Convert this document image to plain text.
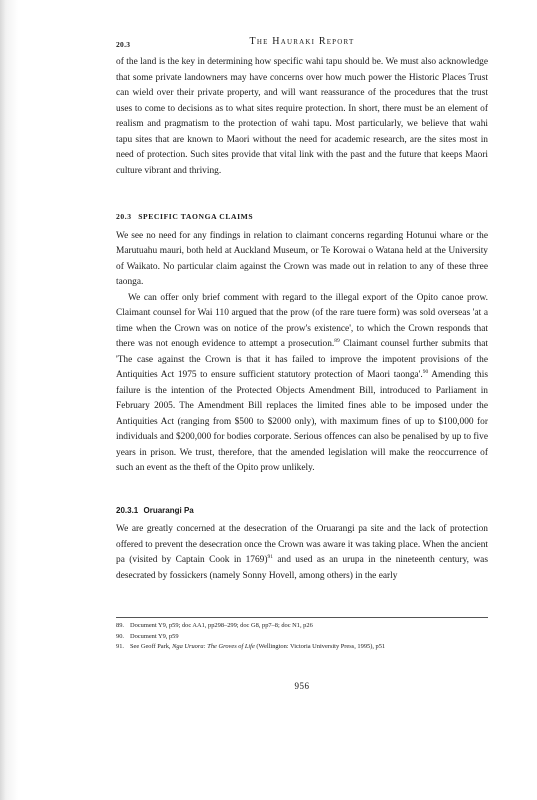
20.3	The Hauraki Report

of the land is the key in determining how specific wahi tapu should be. We must also acknowledge that some private landowners may have concerns over how much power the Historic Places Trust can wield over their private property, and will want reassurance of the procedures that the trust uses to come to decisions as to what sites require protection. In short, there must be an element of realism and pragmatism to the protection of wahi tapu. Most particularly, we believe that wahi tapu sites that are known to Maori without the need for academic research, are the sites most in need of protection. Such sites provide that vital link with the past and the future that keeps Maori culture vibrant and thriving.

20.3 SPECIFIC TAONGA CLAIMS

We see no need for any findings in relation to claimant concerns regarding Hotunui whare or the Marutuahu mauri, both held at Auckland Museum, or Te Korowai o Watana held at the University of Waikato. No particular claim against the Crown was made out in relation to any of these three taonga.

We can offer only brief comment with regard to the illegal export of the Opito canoe prow. Claimant counsel for Wai 110 argued that the prow (of the rare tuere form) was sold overseas 'at a time when the Crown was on notice of the prow's existence', to which the Crown responds that there was not enough evidence to attempt a prosecution.$^{89}$ Claimant counsel further submits that 'The case against the Crown is that it has failed to improve the impotent provisions of the Antiquities Act 1975 to ensure sufficient statutory protection of Maori taonga'.$^{90}$ Amending this failure is the intention of the Protected Objects Amendment Bill, introduced to Parliament in February 2005. The Amendment Bill replaces the limited fines able to be imposed under the Antiquities Act (ranging from $500 to $2000 only), with maximum fines of up to $100,000 for individuals and $200,000 for bodies corporate. Serious offences can also be penalised by up to five years in prison. We trust, therefore, that the amended legislation will make the reoccurrence of such an event as the theft of the Opito prow unlikely.

20.3.1 Oruarangi Pa

We are greatly concerned at the desecration of the Oruarangi pa site and the lack of protection offered to prevent the desecration once the Crown was aware it was taking place. When the ancient pa (visited by Captain Cook in 1769)$^{91}$ and used as an urupa in the nineteenth century, was desecrated by fossickers (namely Sonny Hovell, among others) in the early

89. Document Y9, p59; doc AA1, pp298–299; doc G8, pp7–8; doc N1, p26
90. Document Y9, p59
91. See Geoff Park, Nga Uruora: The Groves of Life (Wellington: Victoria University Press, 1995), p51
956
